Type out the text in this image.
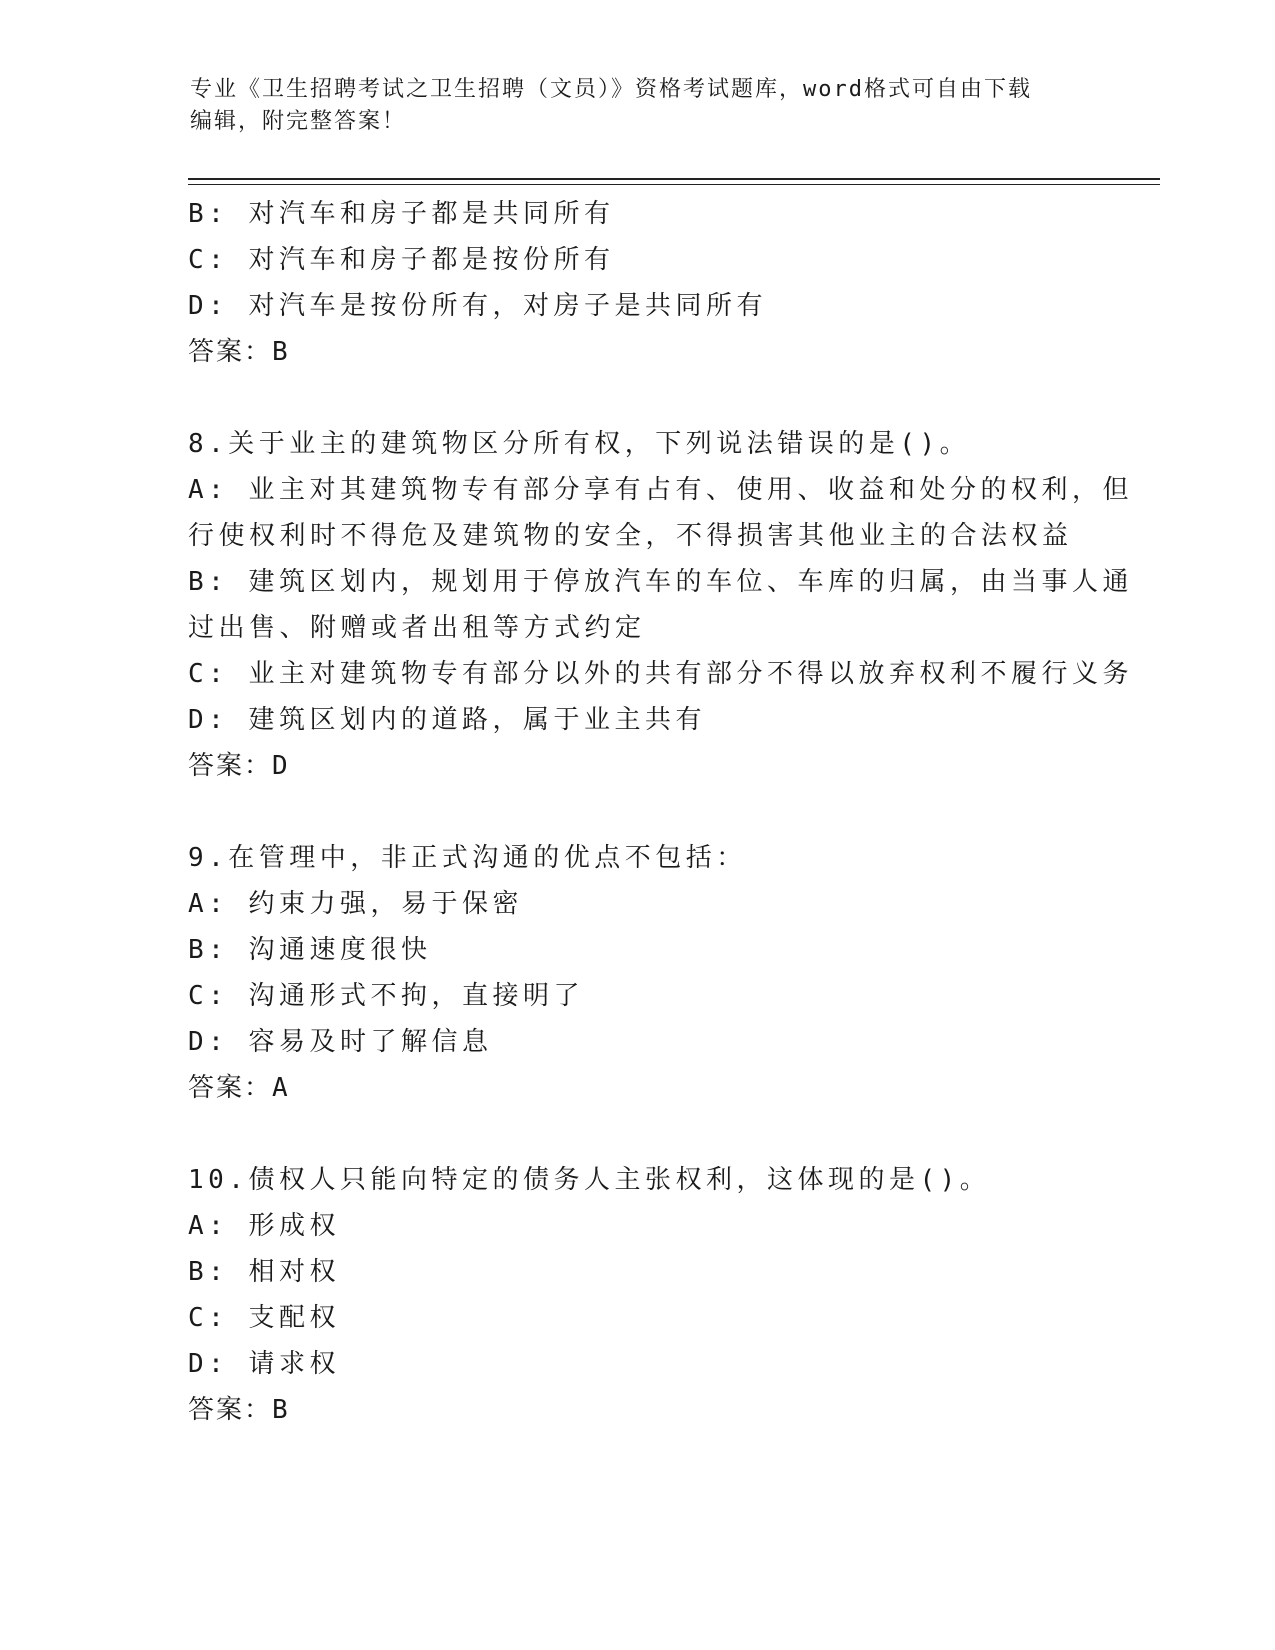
专业《卫生招聘考试之卫生招聘（文员）》资格考试题库，word格式可自由下载
编辑，附完整答案！
B: 对汽车和房子都是共同所有
C: 对汽车和房子都是按份所有
D: 对汽车是按份所有，对房子是共同所有
答案：B
8.关于业主的建筑物区分所有权，下列说法错误的是()。
A: 业主对其建筑物专有部分享有占有、使用、收益和处分的权利，但
行使权利时不得危及建筑物的安全，不得损害其他业主的合法权益
B: 建筑区划内，规划用于停放汽车的车位、车库的归属，由当事人通
过出售、附赠或者出租等方式约定
C: 业主对建筑物专有部分以外的共有部分不得以放弃权利不履行义务
D: 建筑区划内的道路，属于业主共有
答案：D
9.在管理中，非正式沟通的优点不包括：
A: 约束力强，易于保密
B: 沟通速度很快
C: 沟通形式不拘，直接明了
D: 容易及时了解信息
答案：A
10.债权人只能向特定的债务人主张权利，这体现的是()。
A: 形成权
B: 相对权
C: 支配权
D: 请求权
答案：B
